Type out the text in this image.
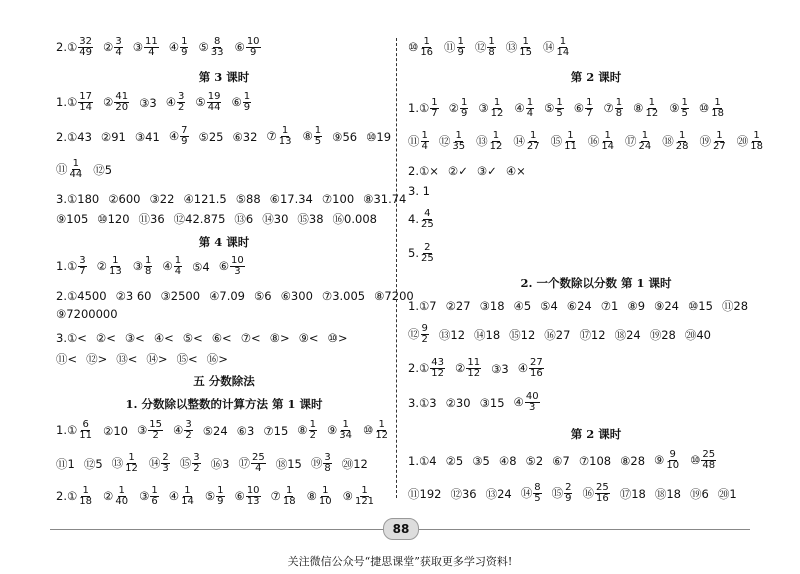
2.① $\frac{32}{49}$ ② $\frac{3}{4}$ ③ $\frac{11}{4}$ ④ $\frac{1}{9}$ ⑤ $\frac{8}{33}$ ⑥ $\frac{10}{9}$
第 3 课时
1.① $\frac{17}{14}$ ② $\frac{41}{20}$ ③3 ④ $\frac{3}{2}$ ⑤ $\frac{19}{44}$ ⑥ $\frac{1}{9}$
2.①43 ②91 ③41 ④ $\frac{7}{9}$ ⑤25 ⑥32 ⑦ $\frac{1}{13}$ ⑧ $\frac{1}{5}$ ⑨56 ⑩19
⑪ $\frac{1}{44}$ ⑫5
3.①180 ②600 ③22 ④121.5 ⑤88 ⑥17.34 ⑦100 ⑧31.74
⑨105 ⑩120 ⑪36 ⑫42.875 ⑬6 ⑭30 ⑮38 ⑯0.008
第 4 课时
1.① $\frac{3}{7}$ ② $\frac{1}{13}$ ③ $\frac{1}{8}$ ④ $\frac{1}{4}$ ⑤4 ⑥ $\frac{10}{3}$
2.①4500 ②3 60 ③2500 ④7.09 ⑤6 ⑥300 ⑦3.005 ⑧7200
⑨7200000
3.①< ②< ③< ④< ⑤< ⑥< ⑦< ⑧> ⑨< ⑩>
⑪< ⑫> ⑬< ⑭> ⑮< ⑯>
五 分数除法
1. 分数除以整数的计算方法 第 1 课时
1.① $\frac{6}{11}$ ②10 ③ $\frac{15}{2}$ ④ $\frac{3}{2}$ ⑤24 ⑥3 ⑦15 ⑧ $\frac{1}{2}$ ⑨ $\frac{1}{34}$ ⑩ $\frac{1}{12}$
⑪1 ⑫5 ⑬ $\frac{1}{12}$ ⑭ $\frac{2}{3}$ ⑮ $\frac{3}{2}$ ⑯3 ⑰ $\frac{25}{4}$ ⑱15 ⑲ $\frac{3}{8}$ ⑳12
2.① $\frac{1}{18}$ ② $\frac{1}{40}$ ③ $\frac{1}{6}$ ④ $\frac{1}{14}$ ⑤ $\frac{1}{9}$ ⑥ $\frac{10}{13}$ ⑦ $\frac{1}{18}$ ⑧ $\frac{1}{10}$ ⑨ $\frac{1}{121}$
⑩ $\frac{1}{16}$ ⑪ $\frac{1}{9}$ ⑫ $\frac{1}{8}$ ⑬ $\frac{1}{15}$ ⑭ $\frac{1}{14}$
第 2 课时
1.① $\frac{1}{7}$ ② $\frac{1}{9}$ ③ $\frac{1}{12}$ ④ $\frac{1}{4}$ ⑤ $\frac{1}{5}$ ⑥ $\frac{1}{7}$ ⑦ $\frac{1}{8}$ ⑧ $\frac{1}{12}$ ⑨ $\frac{1}{5}$ ⑩ $\frac{1}{18}$
⑪ $\frac{1}{4}$ ⑫ $\frac{1}{35}$ ⑬ $\frac{1}{12}$ ⑭ $\frac{1}{27}$ ⑮ $\frac{1}{11}$ ⑯ $\frac{1}{14}$ ⑰ $\frac{1}{24}$ ⑱ $\frac{1}{28}$ ⑲ $\frac{1}{27}$ ⑳ $\frac{1}{18}$
2.①× ②✓ ③✓ ④×
3. 1
4. $\frac{4}{25}$
5. $\frac{2}{25}$
2. 一个数除以分数 第 1 课时
1.①7 ②27 ③18 ④5 ⑤4 ⑥24 ⑦1 ⑧9 ⑨24 ⑩15 ⑪28
⑫ $\frac{9}{2}$ ⑬12 ⑭18 ⑮12 ⑯27 ⑰12 ⑱24 ⑲28 ⑳40
2.① $\frac{43}{12}$ ② $\frac{11}{12}$ ③3 ④ $\frac{27}{16}$
3.①3 ②30 ③15 ④ $\frac{40}{3}$
第 2 课时
1.①4 ②5 ③5 ④8 ⑤2 ⑥7 ⑦108 ⑧28 ⑨ $\frac{9}{10}$ ⑩ $\frac{25}{48}$
⑪192 ⑫36 ⑬24 ⑭ $\frac{8}{5}$ ⑮ $\frac{2}{9}$ ⑯ $\frac{25}{16}$ ⑰18 ⑱18 ⑲6 ⑳1
88
关注微信公众号“捷思课堂”获取更多学习资料!
